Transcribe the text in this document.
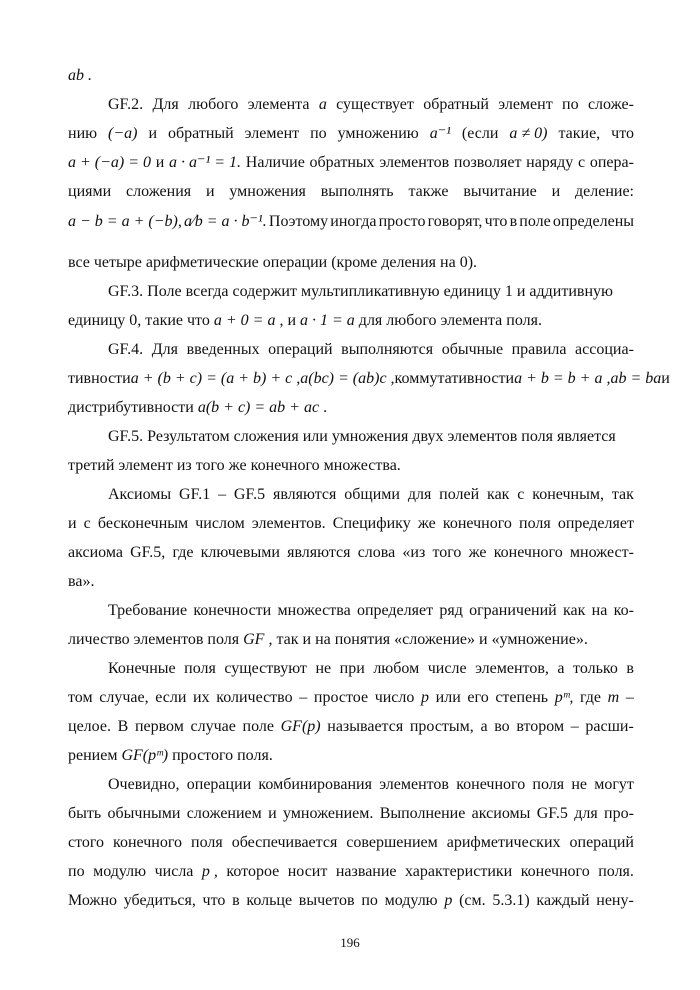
ab .
GF.2. Для любого элемента a существует обратный элемент по сложе-
нию (−a) и обратный элемент по умножению a⁻¹ (если a ≠ 0) такие, что
a + (−a) = 0 и a · a⁻¹ = 1. Наличие обратных элементов позволяет наряду с опера-
циями сложения и умножения выполнять также вычитание и деление:
a − b = a + (−b), a⁄b = a · b⁻¹. Поэтому иногда просто говорят, что в поле определены
все четыре арифметические операции (кроме деления на 0).
GF.3. Поле всегда содержит мультипликативную единицу 1 и аддитивную
единицу 0, такие что a + 0 = a , и a · 1 = a для любого элемента поля.
GF.4. Для введенных операций выполняются обычные правила ассоциа-
тивности a + (b + c) = (a + b) + c , a(bc) = (ab)c , коммутативности a + b = b + a , ab = ba и
дистрибутивности a(b + c) = ab + ac .
GF.5. Результатом сложения или умножения двух элементов поля является
третий элемент из того же конечного множества.
Аксиомы GF.1 – GF.5 являются общими для полей как с конечным, так
и с бесконечным числом элементов. Специфику же конечного поля определяет
аксиома GF.5, где ключевыми являются слова «из того же конечного множест-
ва».
Требование конечности множества определяет ряд ограничений как на ко-
личество элементов поля GF , так и на понятия «сложение» и «умножение».
Конечные поля существуют не при любом числе элементов, а только в
том случае, если их количество – простое число p или его степень pᵐ, где m –
целое. В первом случае поле GF(p) называется простым, а во втором – расши-
рением GF(pᵐ) простого поля.
Очевидно, операции комбинирования элементов конечного поля не могут
быть обычными сложением и умножением. Выполнение аксиомы GF.5 для про-
стого конечного поля обеспечивается совершением арифметических операций
по модулю числа p , которое носит название характеристики конечного поля.
Можно убедиться, что в кольце вычетов по модулю p (см. 5.3.1) каждый нену-
196
